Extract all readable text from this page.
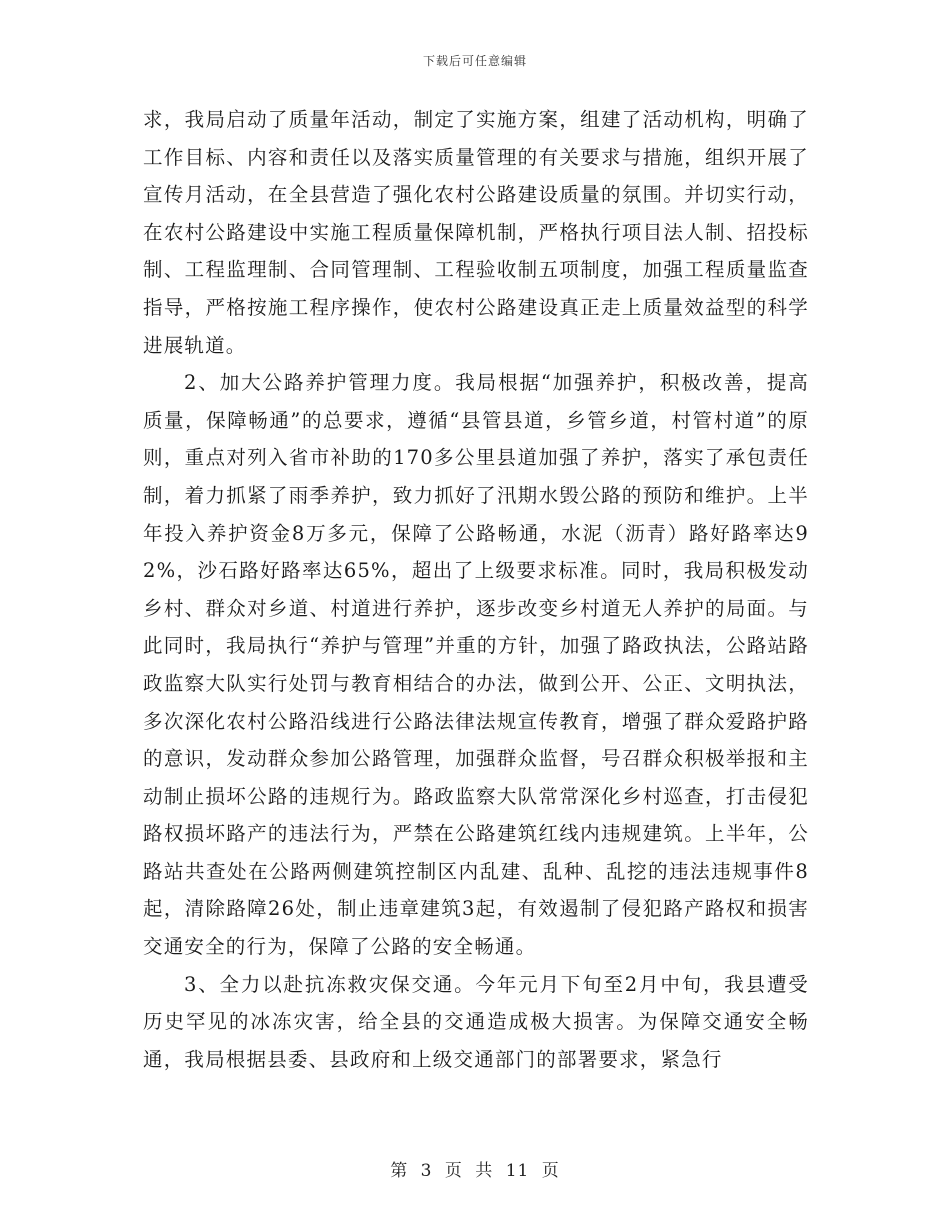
下载后可任意编辑

求，我局启动了质量年活动，制定了实施方案，组建了活动机构，明确了工作目标、内容和责任以及落实质量管理的有关要求与措施，组织开展了宣传月活动，在全县营造了强化农村公路建设质量的氛围。并切实行动，在农村公路建设中实施工程质量保障机制，严格执行项目法人制、招投标制、工程监理制、合同管理制、工程验收制五项制度，加强工程质量监查指导，严格按施工程序操作，使农村公路建设真正走上质量效益型的科学进展轨道。

2、加大公路养护管理力度。我局根据“加强养护，积极改善，提高质量，保障畅通”的总要求，遵循“县管县道，乡管乡道，村管村道”的原则，重点对列入省市补助的170多公里县道加强了养护，落实了承包责任制，着力抓紧了雨季养护，致力抓好了汛期水毁公路的预防和维护。上半年投入养护资金8万多元，保障了公路畅通，水泥（沥青）路好路率达92%，沙石路好路率达65%，超出了上级要求标准。同时，我局积极发动乡村、群众对乡道、村道进行养护，逐步改变乡村道无人养护的局面。与此同时，我局执行“养护与管理”并重的方针，加强了路政执法，公路站路政监察大队实行处罚与教育相结合的办法，做到公开、公正、文明执法，多次深化农村公路沿线进行公路法律法规宣传教育，增强了群众爱路护路的意识，发动群众参加公路管理，加强群众监督，号召群众积极举报和主动制止损坏公路的违规行为。路政监察大队常常深化乡村巡查，打击侵犯路权损坏路产的违法行为，严禁在公路建筑红线内违规建筑。上半年，公路站共查处在公路两侧建筑控制区内乱建、乱种、乱挖的违法违规事件8起，清除路障26处，制止违章建筑3起，有效遏制了侵犯路产路权和损害交通安全的行为，保障了公路的安全畅通。

3、全力以赴抗冻救灾保交通。今年元月下旬至2月中旬，我县遭受历史罕见的冰冻灾害，给全县的交通造成极大损害。为保障交通安全畅通，我局根据县委、县政府和上级交通部门的部署要求，紧急行

第 3 页 共 11 页
